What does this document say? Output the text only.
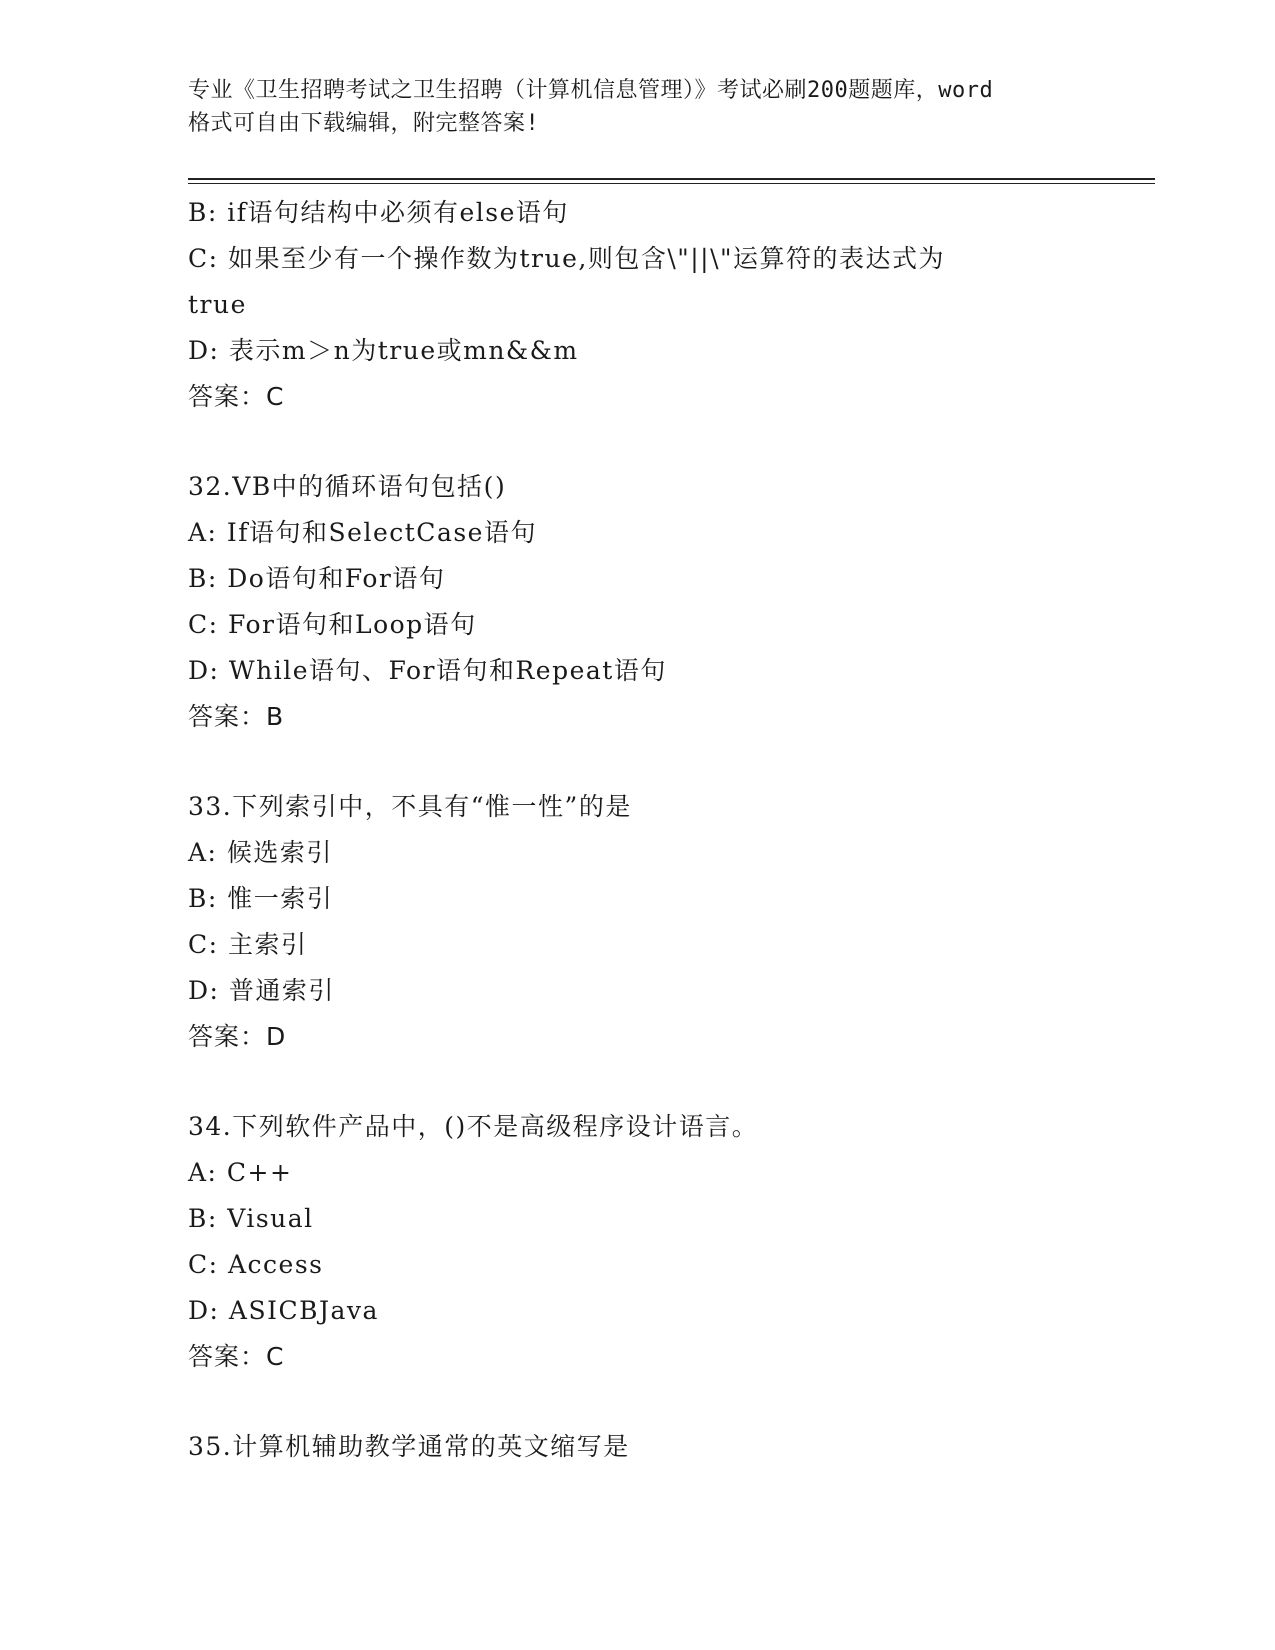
专业《卫生招聘考试之卫生招聘（计算机信息管理）》考试必刷200题题库，word
格式可自由下载编辑，附完整答案!
B: if语句结构中必须有else语句
C: 如果至少有一个操作数为true,则包含\"||\"运算符的表达式为
true
D: 表示m＞n为true或mn&&m
答案：C
32.VB中的循环语句包括()
A: If语句和SelectCase语句
B: Do语句和For语句
C: For语句和Loop语句
D: While语句、For语句和Repeat语句
答案：B
33.下列索引中，不具有“惟一性”的是
A: 候选索引
B: 惟一索引
C: 主索引
D: 普通索引
答案：D
34.下列软件产品中，()不是高级程序设计语言。
A: C++
B: Visual
C: Access
D: ASICBJava
答案：C
35.计算机辅助教学通常的英文缩写是
